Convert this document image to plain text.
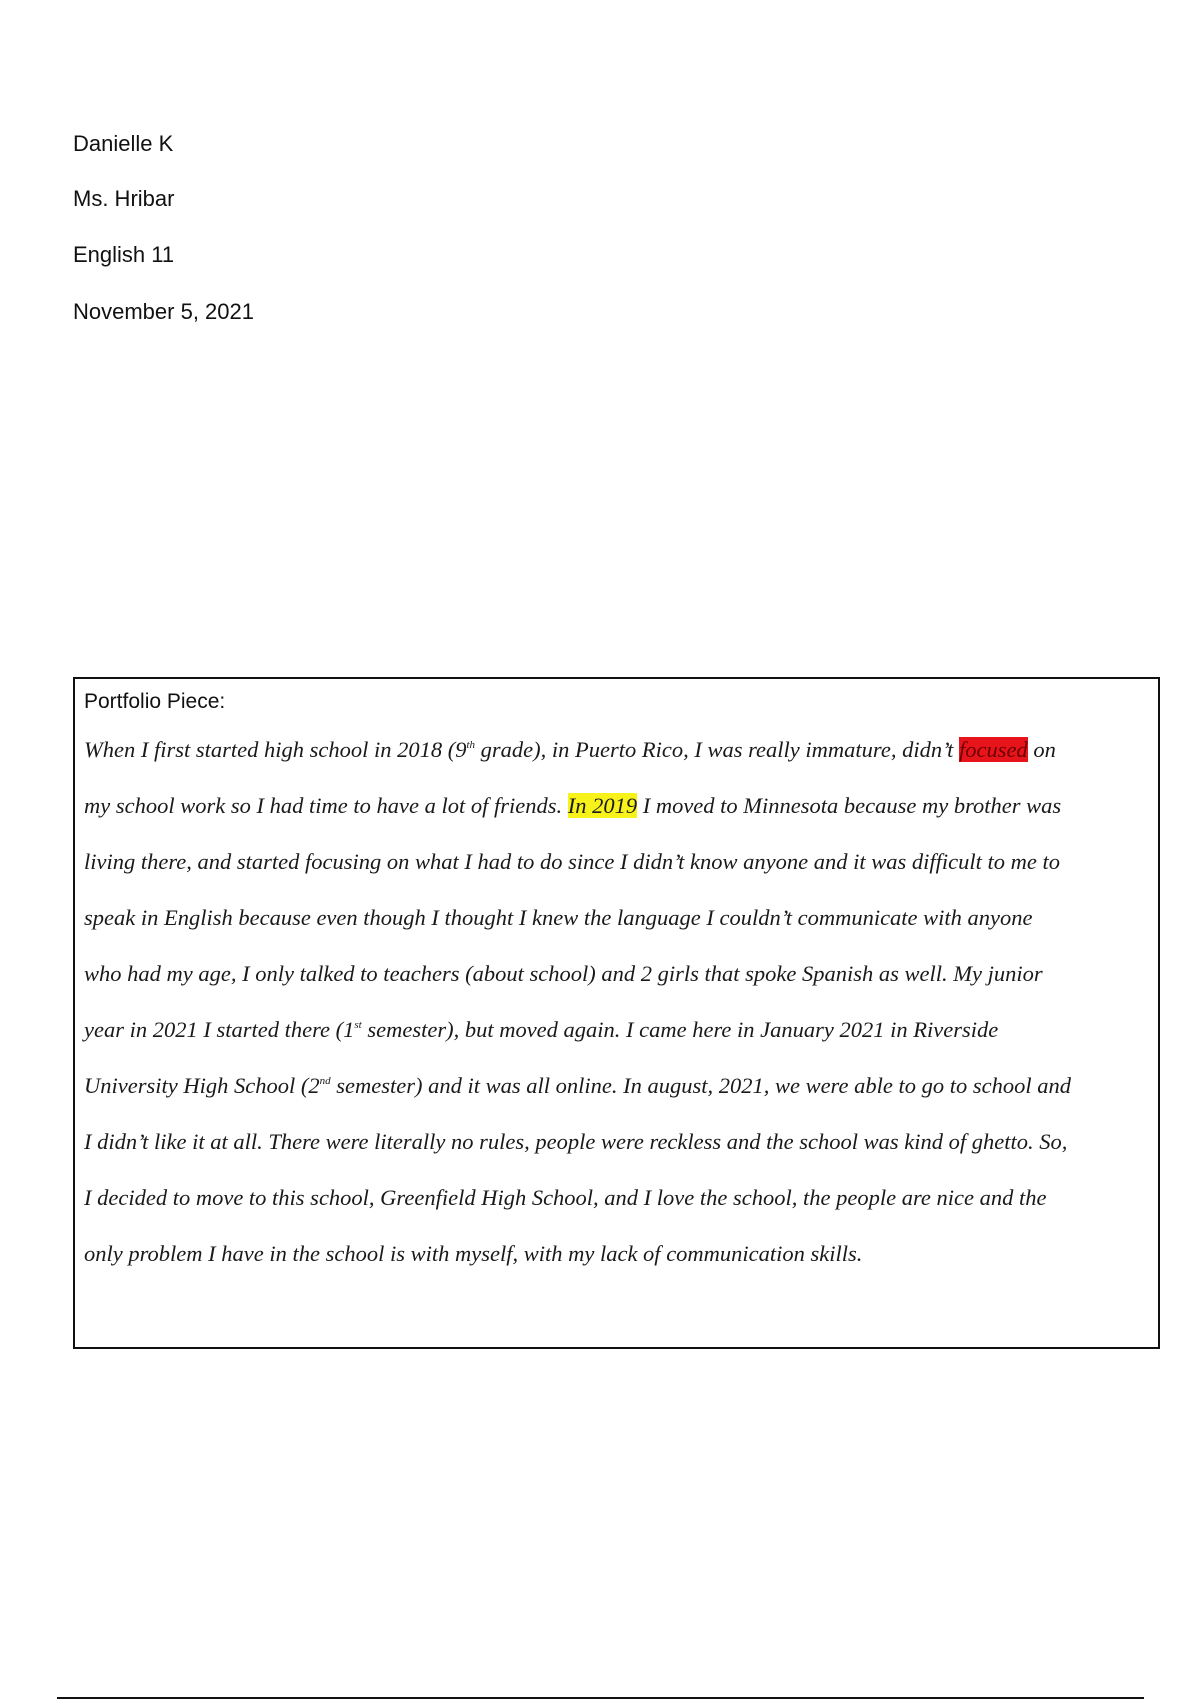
Danielle K
Ms. Hribar
English 11
November 5, 2021
Portfolio Piece:
When I first started high school in 2018 (9th grade), in Puerto Rico, I was really immature, didn’t focused on
my school work so I had time to have a lot of friends. In 2019 I moved to Minnesota because my brother was
living there, and started focusing on what I had to do since I didn’t know anyone and it was difficult to me to
speak in English because even though I thought I knew the language I couldn’t communicate with anyone
who had my age, I only talked to teachers (about school) and 2 girls that spoke Spanish as well. My junior
year in 2021 I started there (1st semester), but moved again. I came here in January 2021 in Riverside
University High School (2nd semester) and it was all online. In august, 2021, we were able to go to school and
I didn’t like it at all. There were literally no rules, people were reckless and the school was kind of ghetto. So,
I decided to move to this school, Greenfield High School, and I love the school, the people are nice and the
only problem I have in the school is with myself, with my lack of communication skills.
